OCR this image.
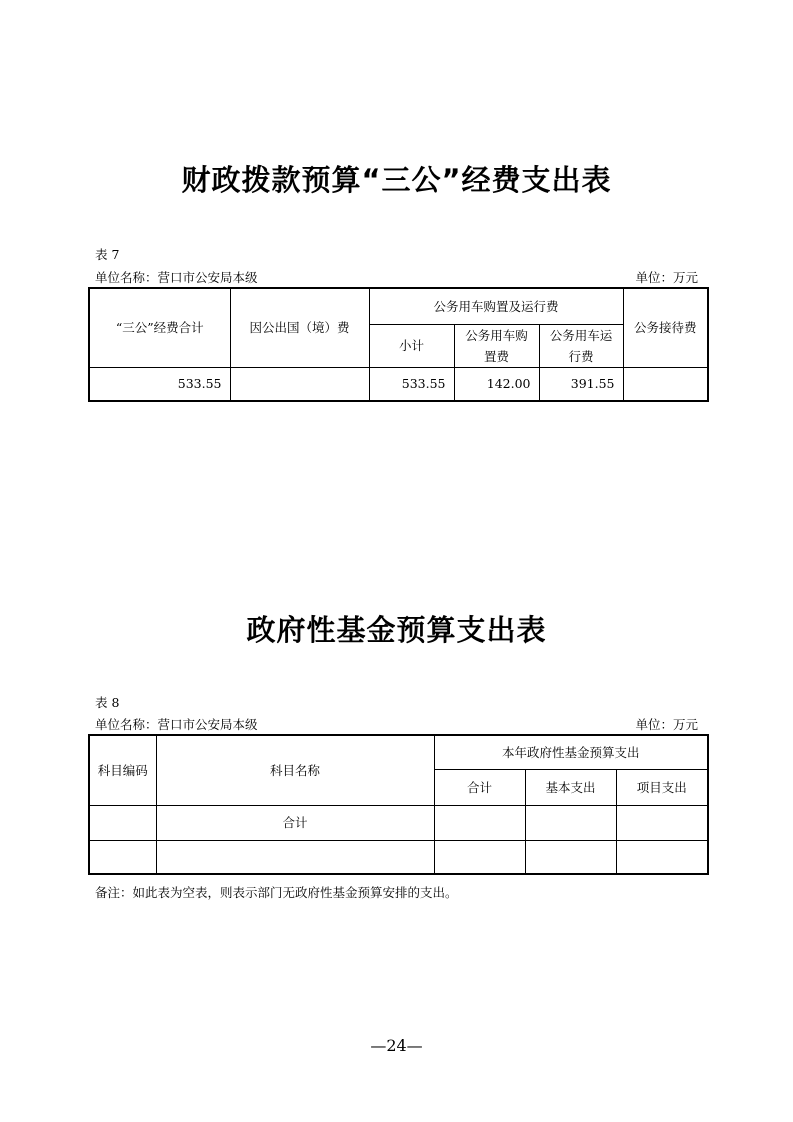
财政拨款预算“三公”经费支出表
表 7
单位名称：营口市公安局本级	单位：万元
“三公”经费合计	因公出国（境）费	公务用车购置及运行费			公务接待费
		小计	公务用车购置费	公务用车运行费	
533.55		533.55	142.00	391.55	
政府性基金预算支出表
表 8
单位名称：营口市公安局本级	单位：万元
科目编码	科目名称	本年政府性基金预算支出		
		合计	基本支出	项目支出
	合计			

备注：如此表为空表，则表示部门无政府性基金预算安排的支出。
—24—
